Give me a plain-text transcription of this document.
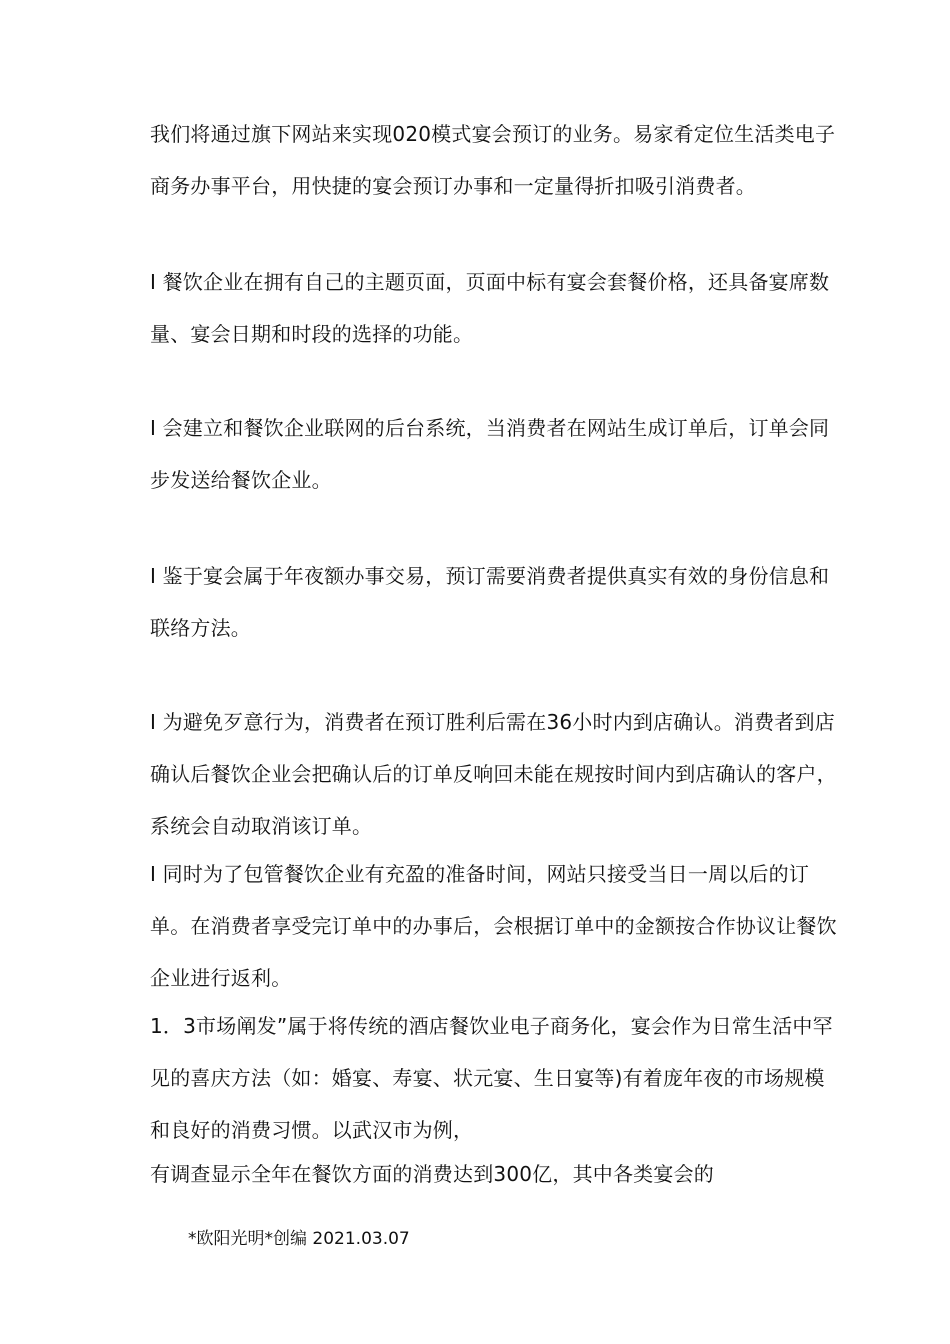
我们将通过旗下网站来实现020模式宴会预订的业务。易家肴定位生活类电子商务办事平台，用快捷的宴会预订办事和一定量得折扣吸引消费者。

I 餐饮企业在拥有自己的主题页面，页面中标有宴会套餐价格，还具备宴席数量、宴会日期和时段的选择的功能。

I 会建立和餐饮企业联网的后台系统，当消费者在网站生成订单后，订单会同步发送给餐饮企业。

I 鉴于宴会属于年夜额办事交易，预订需要消费者提供真实有效的身份信息和联络方法。

I 为避免歹意行为，消费者在预订胜利后需在36小时内到店确认。消费者到店确认后餐饮企业会把确认后的订单反响回未能在规按时间内到店确认的客户，系统会自动取消该订单。

I 同时为了包管餐饮企业有充盈的准备时间，网站只接受当日一周以后的订单。在消费者享受完订单中的办事后，会根据订单中的金额按合作协议让餐饮企业进行返利。

1．3市场阐发”属于将传统的酒店餐饮业电子商务化，宴会作为日常生活中罕见的喜庆方法（如：婚宴、寿宴、状元宴、生日宴等)有着庞年夜的市场规模和良好的消费习惯。以武汉市为例，

有调查显示全年在餐饮方面的消费达到300亿，其中各类宴会的

*欧阳光明*创编 2021.03.07
